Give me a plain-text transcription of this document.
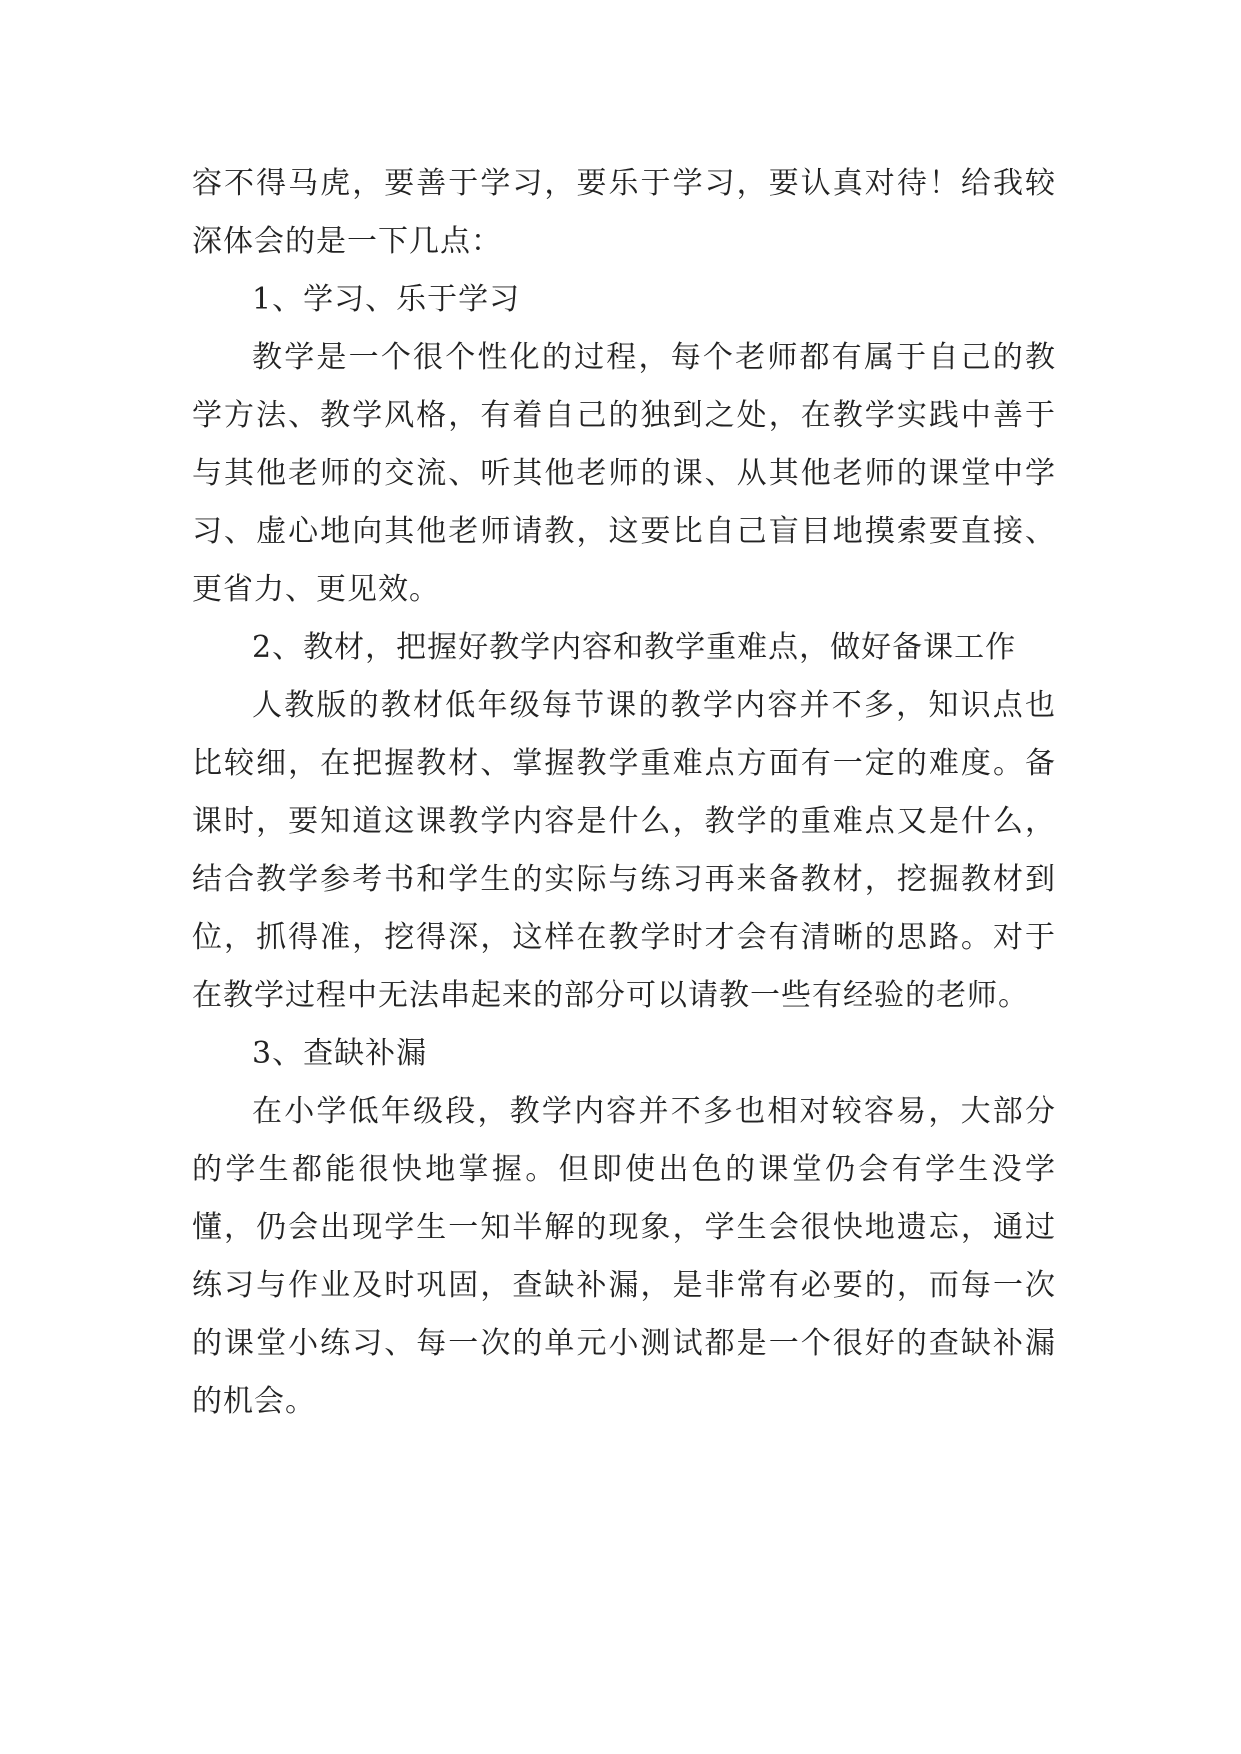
容不得马虎，要善于学习，要乐于学习，要认真对待！给我较深体会的是一下几点：

1、学习、乐于学习

教学是一个很个性化的过程，每个老师都有属于自己的教学方法、教学风格，有着自己的独到之处，在教学实践中善于与其他老师的交流、听其他老师的课、从其他老师的课堂中学习、虚心地向其他老师请教，这要比自己盲目地摸索要直接、更省力、更见效。

2、教材，把握好教学内容和教学重难点，做好备课工作

人教版的教材低年级每节课的教学内容并不多，知识点也比较细，在把握教材、掌握教学重难点方面有一定的难度。备课时，要知道这课教学内容是什么，教学的重难点又是什么，结合教学参考书和学生的实际与练习再来备教材，挖掘教材到位，抓得准，挖得深，这样在教学时才会有清晰的思路。对于在教学过程中无法串起来的部分可以请教一些有经验的老师。

3、查缺补漏

在小学低年级段，教学内容并不多也相对较容易，大部分的学生都能很快地掌握。但即使出色的课堂仍会有学生没学懂，仍会出现学生一知半解的现象，学生会很快地遗忘，通过练习与作业及时巩固，查缺补漏，是非常有必要的，而每一次的课堂小练习、每一次的单元小测试都是一个很好的查缺补漏的机会。
